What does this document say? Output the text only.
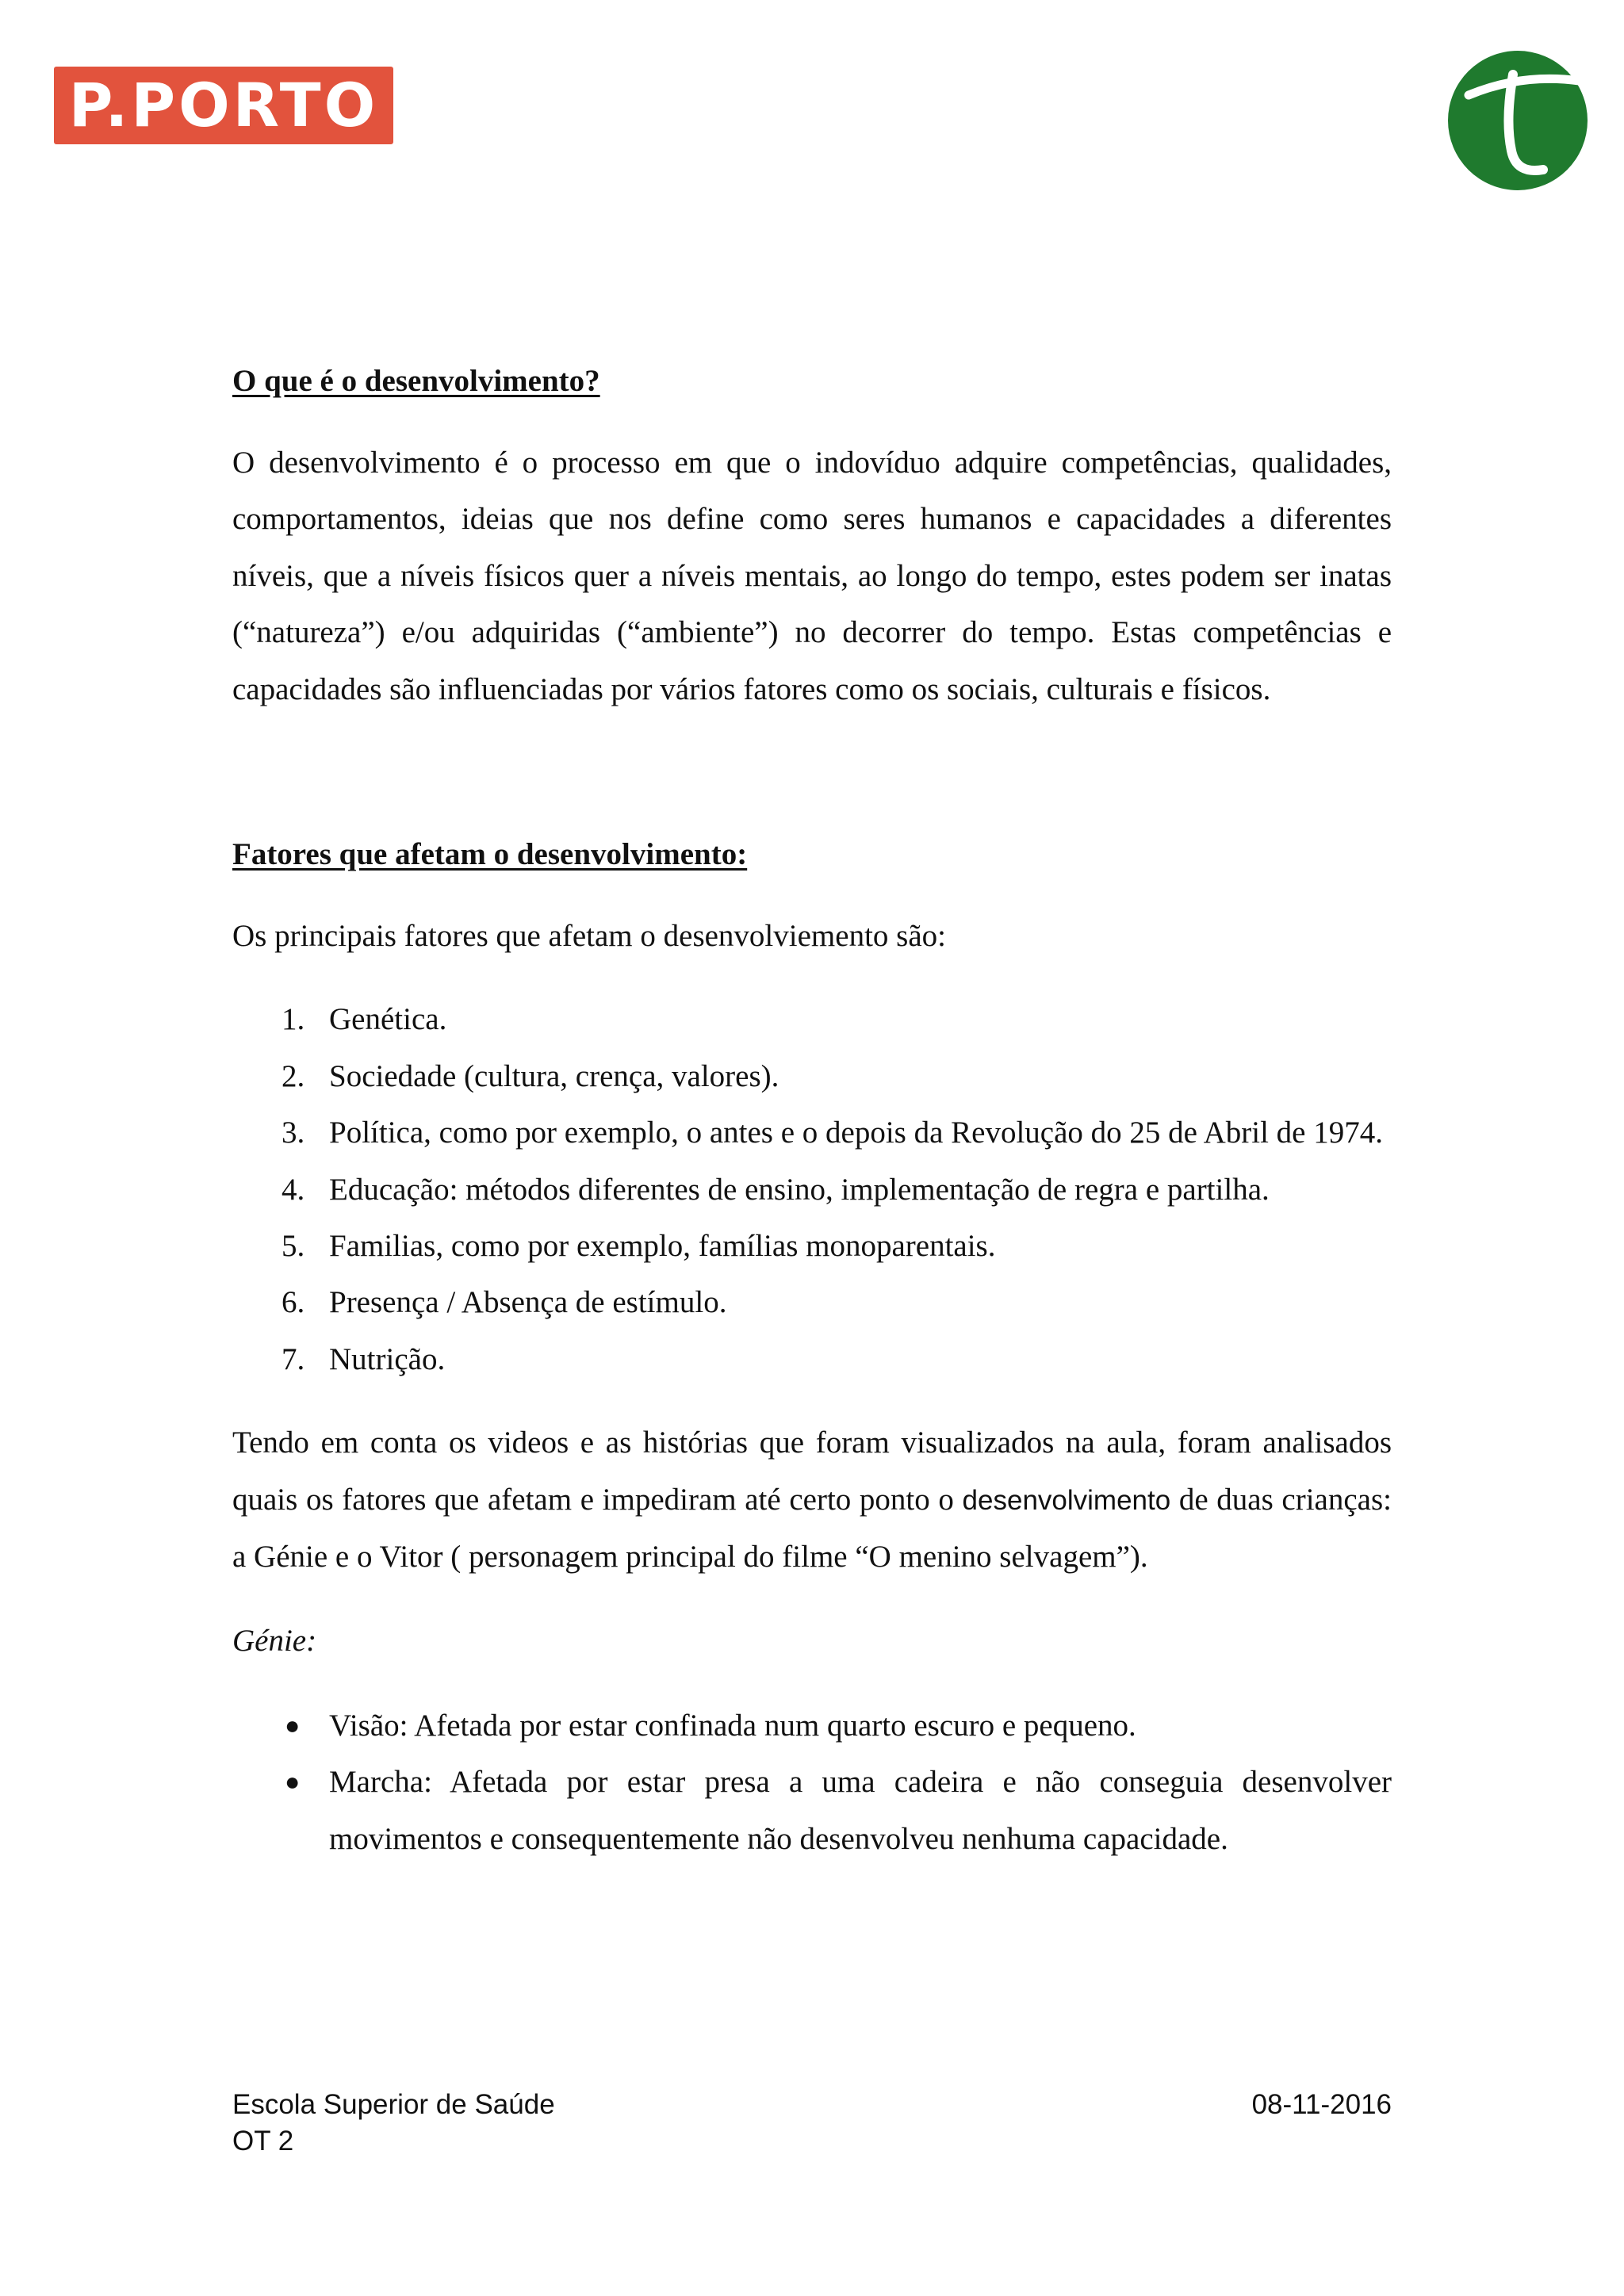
P.PORTO
O que é o desenvolvimento?

O desenvolvimento é o processo em que o indovíduo adquire competências, qualidades, comportamentos, ideias que nos define como seres humanos e capacidades a diferentes níveis, que a níveis físicos quer a níveis mentais, ao longo do tempo, estes podem ser inatas (“natureza”) e/ou adquiridas (“ambiente”) no decorrer do tempo. Estas competências e capacidades são influenciadas por vários fatores como os sociais, culturais e físicos.

Fatores que afetam o desenvolvimento:

Os principais fatores que afetam o desenvolviemento são:

1. Genética.
2. Sociedade (cultura, crença, valores).
3. Política, como por exemplo, o antes e o depois da Revolução do 25 de Abril de 1974.
4. Educação: métodos diferentes de ensino, implementação de regra e partilha.
5. Familias, como por exemplo, famílias monoparentais.
6. Presença / Absença de estímulo.
7. Nutrição.

Tendo em conta os videos e as histórias que foram visualizados na aula, foram analisados quais os fatores que afetam e impediram até certo ponto o desenvolvimento de duas crianças: a Génie e o Vitor ( personagem principal do filme “O menino selvagem”).

Génie:

● Visão: Afetada por estar confinada num quarto escuro e pequeno.
● Marcha: Afetada por estar presa a uma cadeira e não conseguia desenvolver movimentos e consequentemente não desenvolveu nenhuma capacidade.
Escola Superior de Saúde
OT 2
08-11-2016
